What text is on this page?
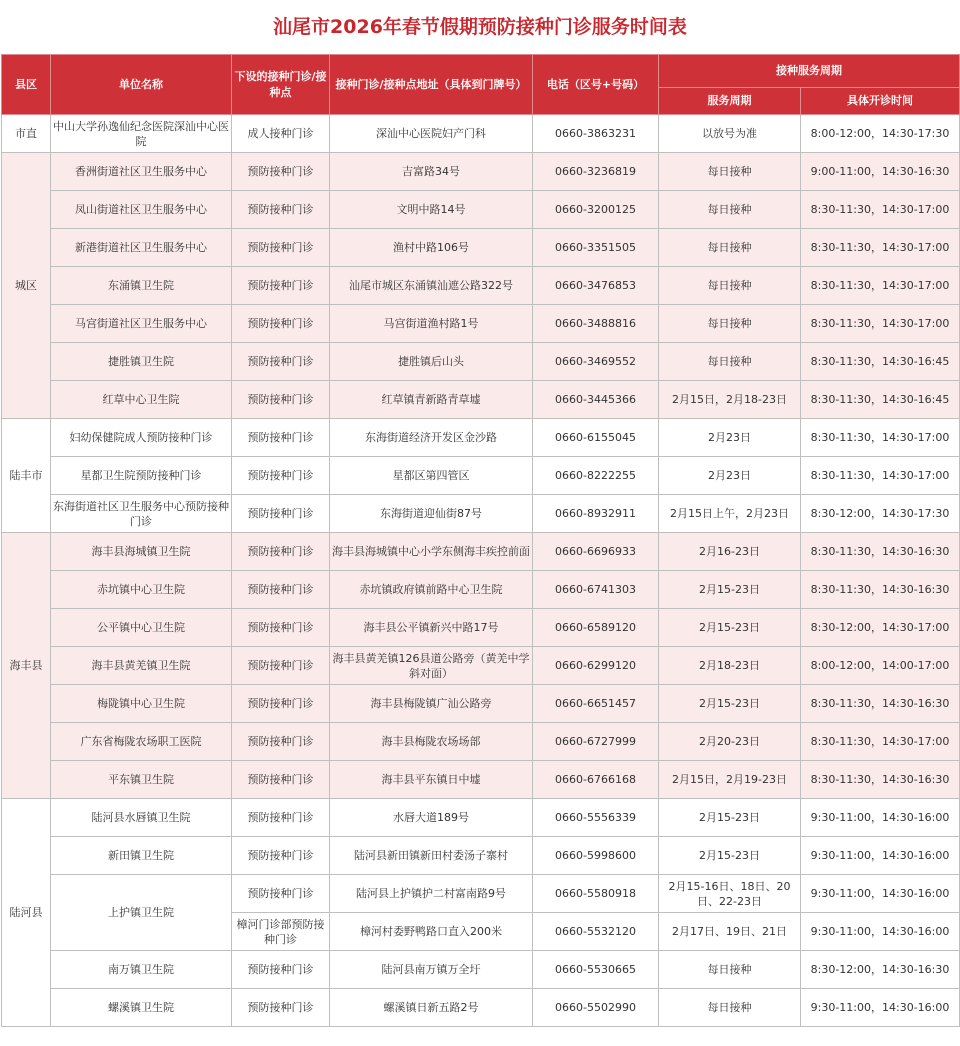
汕尾市2026年春节假期预防接种门诊服务时间表
县区	单位名称	下设的接种门诊/接种点	接种门诊/接种点地址（具体到门牌号）	电话（区号+号码）	接种服务周期	
					服务周期	具体开诊时间
市直	中山大学孙逸仙纪念医院深汕中心医院	成人接种门诊	深汕中心医院妇产门科	0660-3863231	以放号为准	8:00-12:00，14:30-17:30
城区	香洲街道社区卫生服务中心	预防接种门诊	吉富路34号	0660-3236819	每日接种	9:00-11:00，14:30-16:30
	凤山街道社区卫生服务中心	预防接种门诊	文明中路14号	0660-3200125	每日接种	8:30-11:30，14:30-17:00
	新港街道社区卫生服务中心	预防接种门诊	渔村中路106号	0660-3351505	每日接种	8:30-11:30，14:30-17:00
	东涌镇卫生院	预防接种门诊	汕尾市城区东涌镇汕遮公路322号	0660-3476853	每日接种	8:30-11:30，14:30-17:00
	马宫街道社区卫生服务中心	预防接种门诊	马宫街道渔村路1号	0660-3488816	每日接种	8:30-11:30，14:30-17:00
	捷胜镇卫生院	预防接种门诊	捷胜镇后山头	0660-3469552	每日接种	8:30-11:30，14:30-16:45
	红草中心卫生院	预防接种门诊	红草镇青新路青草墟	0660-3445366	2月15日，2月18-23日	8:30-11:30，14:30-16:45
陆丰市	妇幼保健院成人预防接种门诊	预防接种门诊	东海街道经济开发区金沙路	0660-6155045	2月23日	8:30-11:30，14:30-17:00
	星都卫生院预防接种门诊	预防接种门诊	星都区第四管区	0660-8222255	2月23日	8:30-11:30，14:30-17:00
	东海街道社区卫生服务中心预防接种门诊	预防接种门诊	东海街道迎仙街87号	0660-8932911	2月15日上午，2月23日	8:30-12:00，14:30-17:30
海丰县	海丰县海城镇卫生院	预防接种门诊	海丰县海城镇中心小学东侧海丰疾控前面	0660-6696933	2月16-23日	8:30-11:30，14:30-16:30
	赤坑镇中心卫生院	预防接种门诊	赤坑镇政府镇前路中心卫生院	0660-6741303	2月15-23日	8:30-11:30，14:30-16:30
	公平镇中心卫生院	预防接种门诊	海丰县公平镇新兴中路17号	0660-6589120	2月15-23日	8:30-12:00，14:30-17:00
	海丰县黄羌镇卫生院	预防接种门诊	海丰县黄羌镇126县道公路旁（黄羌中学斜对面）	0660-6299120	2月18-23日	8:00-12:00，14:00-17:00
	梅陇镇中心卫生院	预防接种门诊	海丰县梅陇镇广汕公路旁	0660-6651457	2月15-23日	8:30-11:30，14:30-16:30
	广东省梅陇农场职工医院	预防接种门诊	海丰县梅陇农场场部	0660-6727999	2月20-23日	8:30-11:30，14:30-17:00
	平东镇卫生院	预防接种门诊	海丰县平东镇日中墟	0660-6766168	2月15日，2月19-23日	8:30-11:30，14:30-16:30
陆河县	陆河县水唇镇卫生院	预防接种门诊	水唇大道189号	0660-5556339	2月15-23日	9:30-11:00，14:30-16:00
	新田镇卫生院	预防接种门诊	陆河县新田镇新田村委汤子寨村	0660-5998600	2月15-23日	9:30-11:00，14:30-16:00
	上护镇卫生院	预防接种门诊	陆河县上护镇护二村富南路9号	0660-5580918	2月15-16日、18日、20日、22-23日	9:30-11:00，14:30-16:00
		樟河门诊部预防接种门诊	樟河村委野鸭路口直入200米	0660-5532120	2月17日、19日、21日	9:30-11:00，14:30-16:00
	南万镇卫生院	预防接种门诊	陆河县南万镇万全圩	0660-5530665	每日接种	8:30-12:00，14:30-16:30
	螺溪镇卫生院	预防接种门诊	螺溪镇日新五路2号	0660-5502990	每日接种	9:30-11:00，14:30-16:00
